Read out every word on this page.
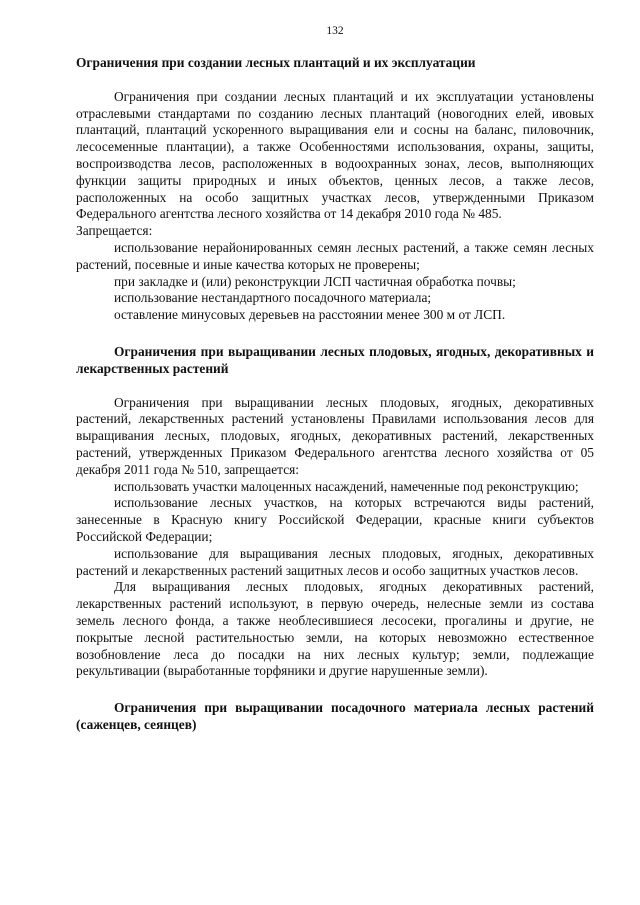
132
Ограничения при создании лесных плантаций и их эксплуатации
Ограничения при создании лесных плантаций и их эксплуатации установлены отраслевыми стандартами по созданию лесных плантаций (новогодних елей, ивовых плантаций, плантаций ускоренного выращивания ели и сосны на баланс, пиловочник, лесосеменные плантации), а также Особенностями использования, охраны, защиты, воспроизводства лесов, расположенных в водоохранных зонах, лесов, выполняющих функции защиты природных и иных объектов, ценных лесов, а также лесов, расположенных на особо защитных участках лесов, утвержденными Приказом Федерального агентства лесного хозяйства от 14 декабря 2010 года № 485.
Запрещается:
использование нерайонированных семян лесных растений, а также семян лесных растений, посевные и иные качества которых не проверены;
при закладке и (или) реконструкции ЛСП частичная обработка почвы;
использование нестандартного посадочного материала;
оставление минусовых деревьев на расстоянии менее 300 м от ЛСП.
Ограничения при выращивании лесных плодовых, ягодных, декоративных и лекарственных растений
Ограничения при выращивании лесных плодовых, ягодных, декоративных растений, лекарственных растений установлены Правилами использования лесов для выращивания лесных, плодовых, ягодных, декоративных растений, лекарственных растений, утвержденных Приказом Федерального агентства леcного хозяйства от 05 декабря 2011 года № 510, запрещается:
использовать участки малоценных насаждений, намеченные под реконструкцию;
использование лесных участков, на которых встречаются виды растений, занесенные в Красную книгу Российской Федерации, красные книги субъектов Российской Федерации;
использование для выращивания лесных плодовых, ягодных, декоративных растений и лекарственных растений защитных лесов и особо защитных участков лесов.
Для выращивания лесных плодовых, ягодных декоративных растений, лекарственных растений используют, в первую очередь, нелесные земли из состава земель лесного фонда, а также необлесившиеся лесосеки, прогалины и другие, не покрытые лесной растительностью земли, на которых невозможно естественное возобновление леса до посадки на них лесных культур; земли, подлежащие рекультивации (выработанные торфяники и другие нарушенные земли).
Ограничения при выращивании посадочного материала лесных растений (саженцев, сеянцев)
